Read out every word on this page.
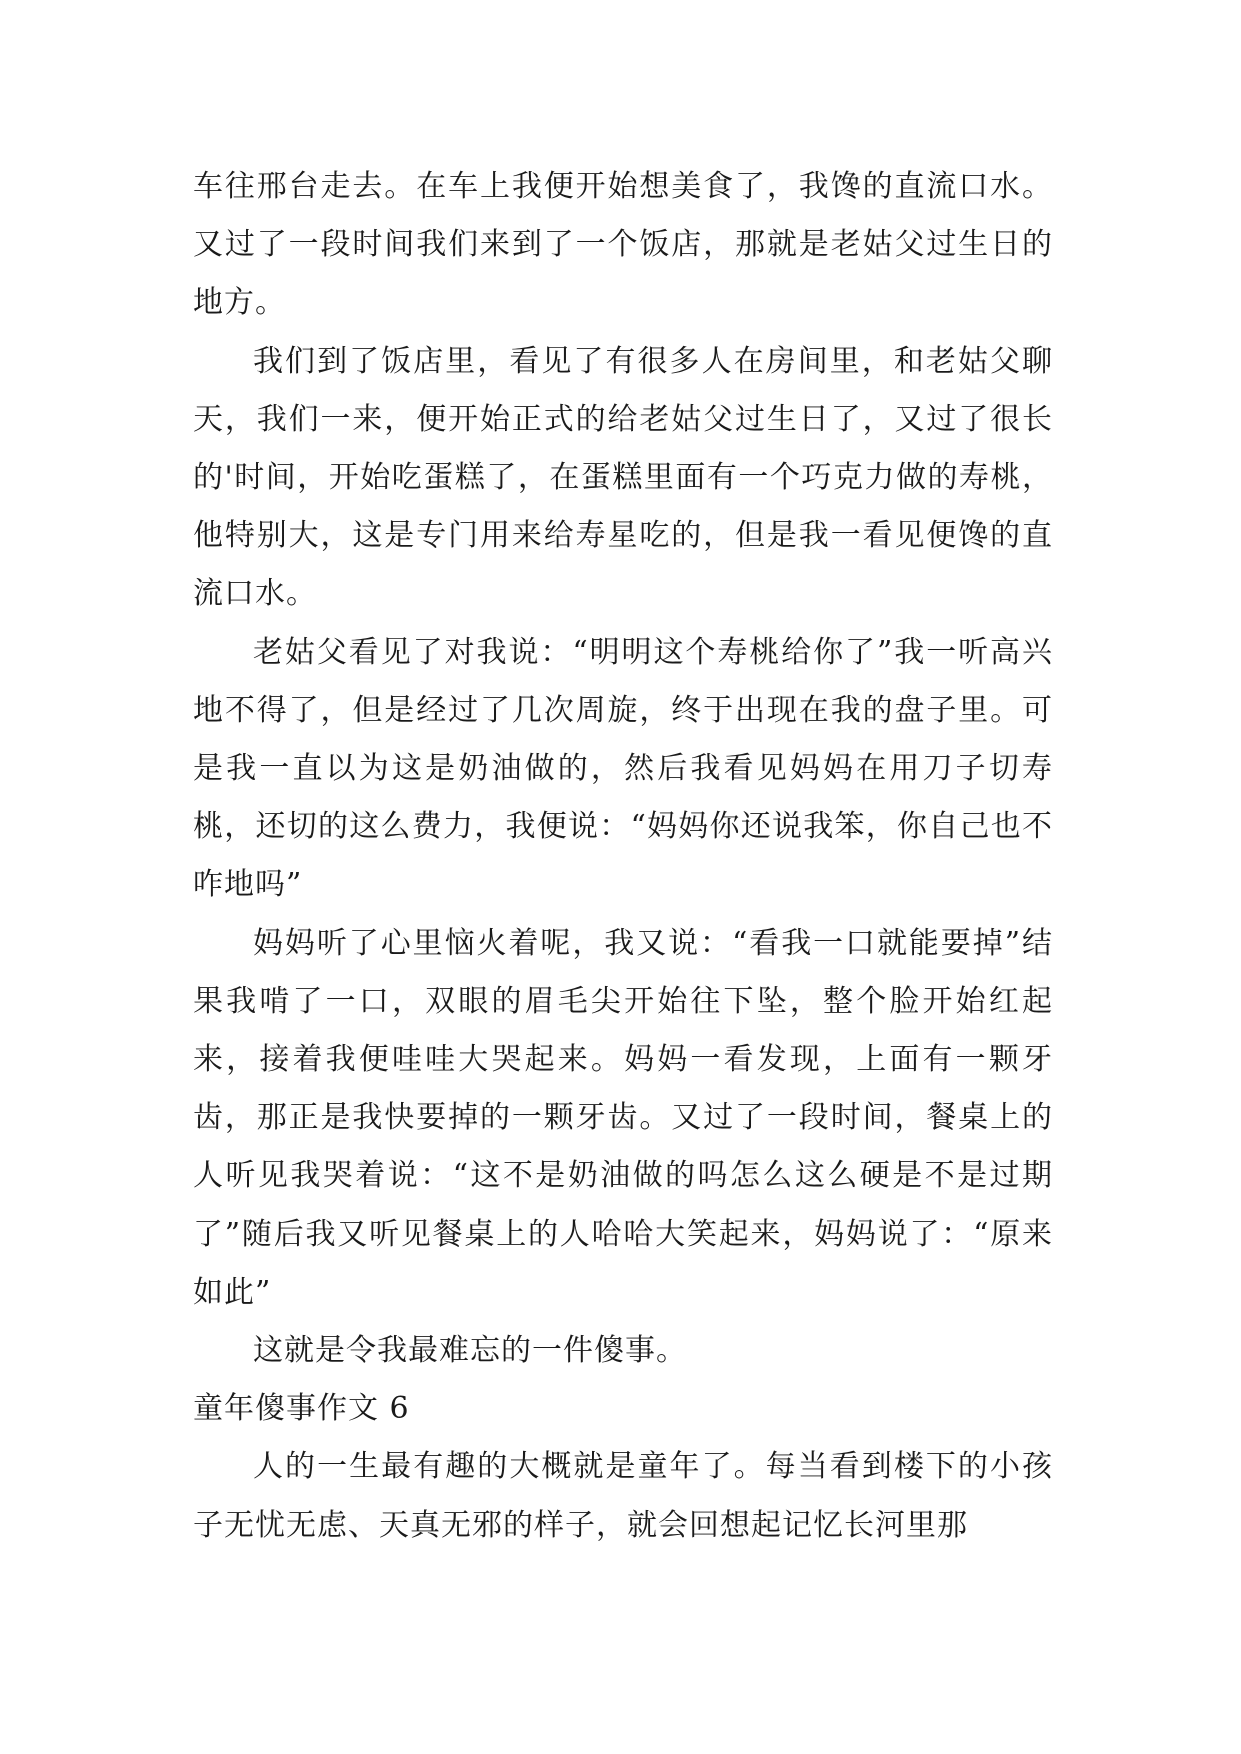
车往邢台走去。在车上我便开始想美食了，我馋的直流口水。又过了一段时间我们来到了一个饭店，那就是老姑父过生日的地方。

我们到了饭店里，看见了有很多人在房间里，和老姑父聊天，我们一来，便开始正式的给老姑父过生日了，又过了很长的'时间，开始吃蛋糕了，在蛋糕里面有一个巧克力做的寿桃，他特别大，这是专门用来给寿星吃的，但是我一看见便馋的直流口水。

老姑父看见了对我说：“明明这个寿桃给你了”我一听高兴地不得了，但是经过了几次周旋，终于出现在我的盘子里。可是我一直以为这是奶油做的，然后我看见妈妈在用刀子切寿桃，还切的这么费力，我便说：“妈妈你还说我笨，你自己也不咋地吗”

妈妈听了心里恼火着呢，我又说：“看我一口就能要掉”结果我啃了一口，双眼的眉毛尖开始往下坠，整个脸开始红起来，接着我便哇哇大哭起来。妈妈一看发现，上面有一颗牙齿，那正是我快要掉的一颗牙齿。又过了一段时间，餐桌上的人听见我哭着说：“这不是奶油做的吗怎么这么硬是不是过期了”随后我又听见餐桌上的人哈哈大笑起来，妈妈说了：“原来如此”

这就是令我最难忘的一件傻事。

童年傻事作文 6

人的一生最有趣的大概就是童年了。每当看到楼下的小孩子无忧无虑、天真无邪的样子，就会回想起记忆长河里那
